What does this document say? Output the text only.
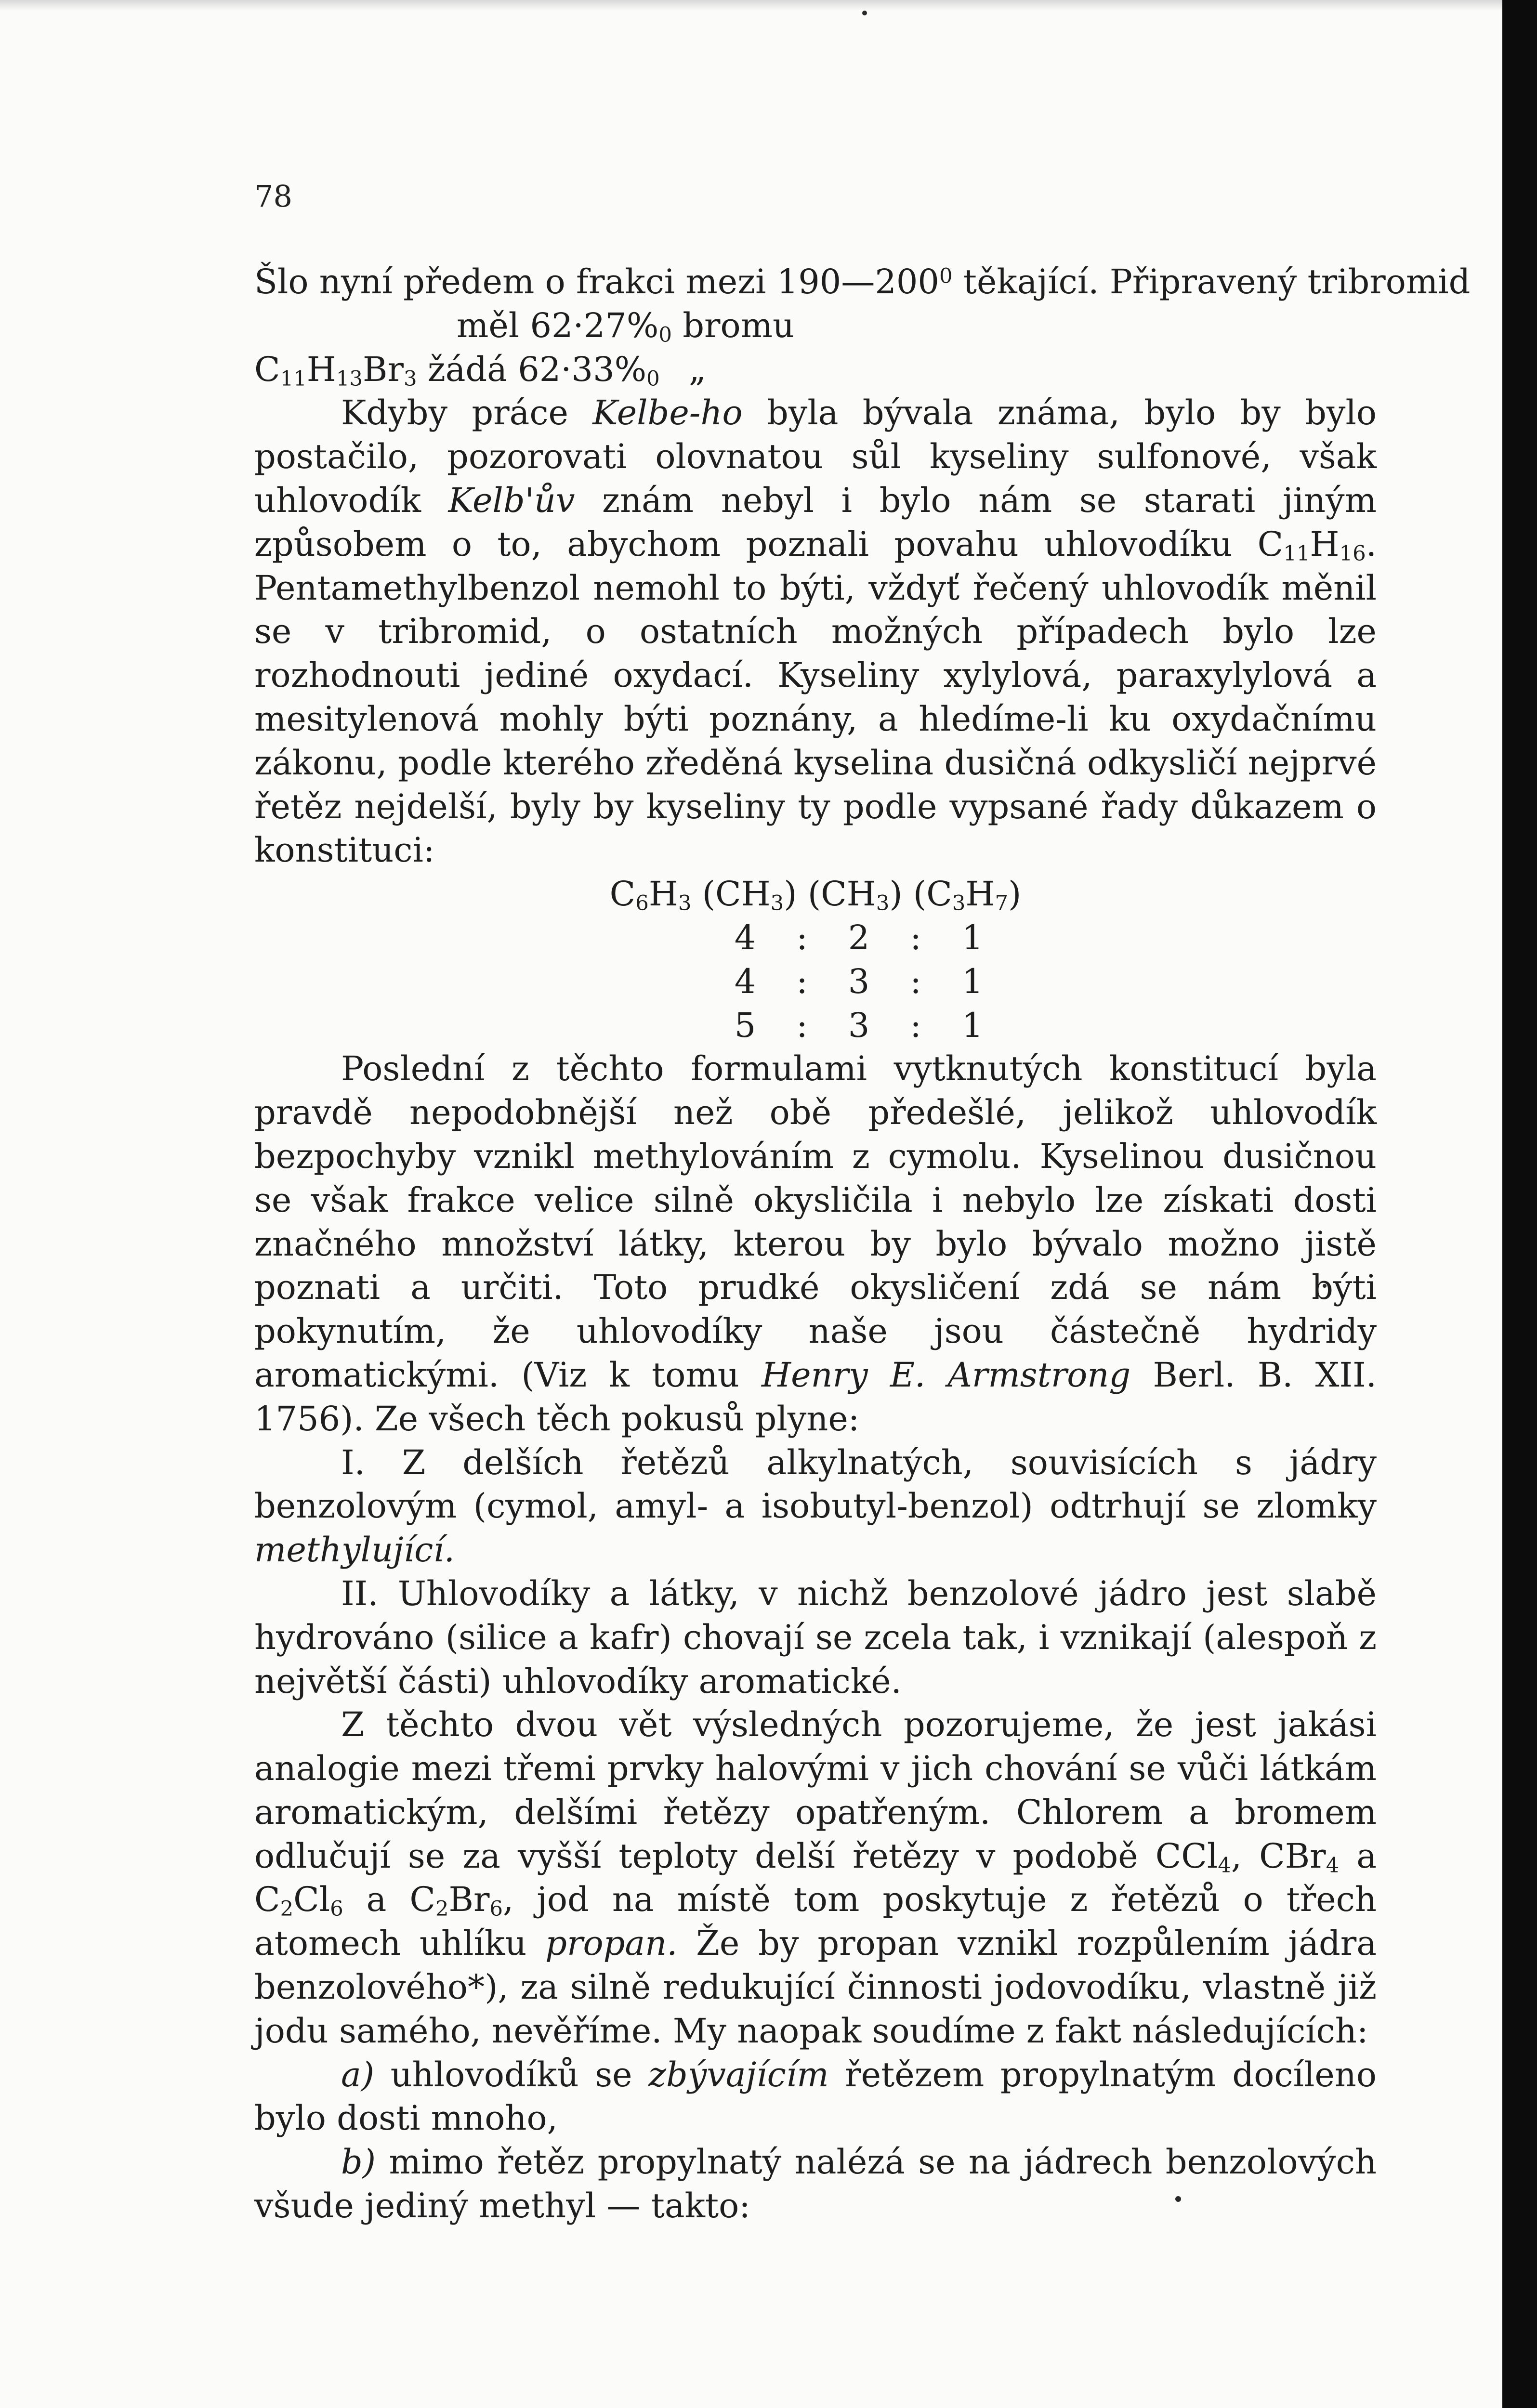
78
Šlo nyní předem o frakci mezi $190—200^0$ těkající. Připravený tribromid
měl $62\cdot 27\%_0$ bromu
$C_{11}H_{13}Br_3$ žádá $62\cdot 33\%_0$ „

Kdyby práce Kelbe-ho byla bývala známa, bylo by bylo postačilo, pozorovati olovnatou sůl kyseliny sulfonové, však uhlovodík Kelb'ův znám nebyl i bylo nám se starati jiným způsobem o to, abychom poznali povahu uhlovodíku $C_{11}H_{16}$. Pentamethylbenzol nemohl to býti, vždyť řečený uhlovodík měnil se v tribromid, o ostatních možných případech bylo lze rozhodnouti jediné oxydací. Kyseliny xylylová, paraxylylová a mesitylenová mohly býti poznány, a hledíme-li ku oxydačnímu zákonu, podle kterého zředěná kyselina dusičná odkysličí nejprvé řetěz nejdelší, byly by kyseliny ty podle vypsané řady důkazem o konstituci:

$C_6H_3$ $(CH_3)$ $(CH_3)$ $(C_3H_7)$
4 : 2 : 1
4 : 3 : 1
5 : 3 : 1

Poslední z těchto formulami vytknutých konstitucí byla pravdě nepodobnější než obě předešlé, jelikož uhlovodík bezpochyby vznikl methylováním z cymolu. Kyselinou dusičnou se však frakce velice silně okysličila i nebylo lze získati dosti značného množství látky, kterou by bylo bývalo možno jistě poznati a určiti. Toto prudké okysličení zdá se nám býti pokynutím, že uhlovodíky naše jsou částečně hydridy aromatickými. (Viz k tomu Henry E. Armstrong Berl. B. XII. 1756). Ze všech těch pokusů plyne:

I. Z delších řetězů alkylnatých, souvisících s jádry benzolovým (cymol, amyl- a isobutyl-benzol) odtrhují se zlomky methylující.

II. Uhlovodíky a látky, v nichž benzolové jádro jest slabě hydrováno (silice a kafr) chovají se zcela tak, i vznikají (alespoň z největší části) uhlovodíky aromatické.

Z těchto dvou vět výsledných pozorujeme, že jest jakási analogie mezi třemi prvky halovými v jich chování se vůči látkám aromatickým, delšími řetězy opatřeným. Chlorem a bromem odlučují se za vyšší teploty delší řetězy v podobě CCl$_4$, CBr$_4$ a $C_2Cl_6$ a $C_2Br_6$, jod na místě tom poskytuje z řetězů o třech atomech uhlíku propan. Že by propan vznikl rozpůlením jádra benzolového*), za silně redukující činnosti jodovodíku, vlastně již jodu samého, nevěříme. My naopak soudíme z fakt následujících:

a) uhlovodíků se zbývajícím řetězem propylnatým docíleno bylo dosti mnoho,

b) mimo řetěz propylnatý nalézá se na jádrech benzolových všude jediný methyl — takto:
